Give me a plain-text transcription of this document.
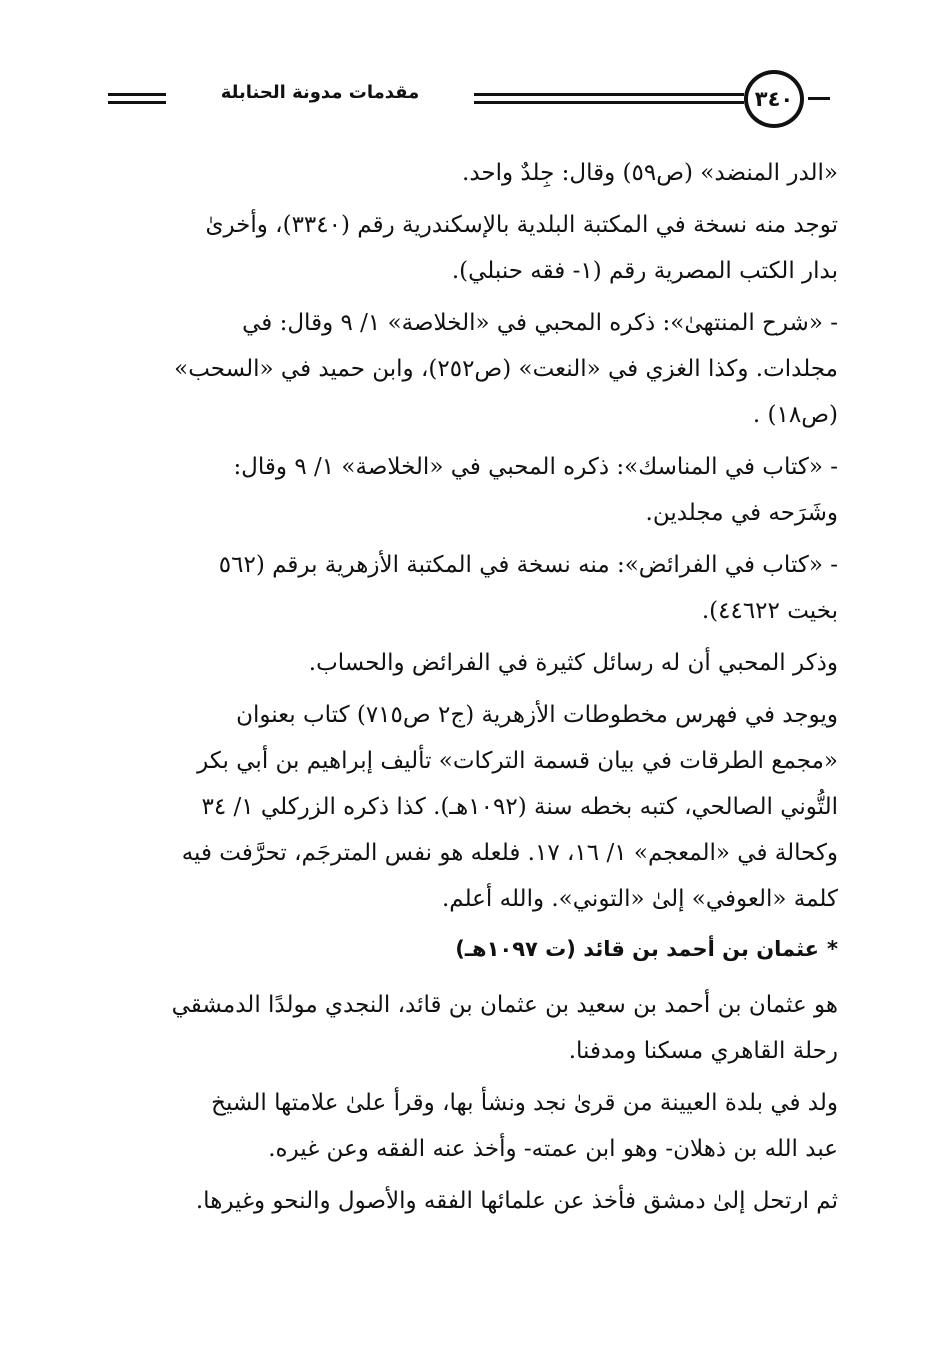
مقدمات مدونة الحنابلة	٣٤٠
«الدر المنضد» (ص٥٩) وقال: جِلدٌ واحد.
توجد منه نسخة في المكتبة البلدية بالإسكندرية رقم (٣٣٤٠)، وأخرىٰ
بدار الكتب المصرية رقم (١- فقه حنبلي).
- «شرح المنتهىٰ»: ذكره المحبي في «الخلاصة» ١/ ٩ وقال: في
مجلدات. وكذا الغزي في «النعت» (ص٢٥٢)، وابن حميد في «السحب»
(ص١٨) .
- «كتاب في المناسك»: ذكره المحبي في «الخلاصة» ١/ ٩ وقال:
وشَرَحه في مجلدين.
- «كتاب في الفرائض»: منه نسخة في المكتبة الأزهرية برقم (٥٦٢
بخيت ٤٤٦٢٢).
وذكر المحبي أن له رسائل كثيرة في الفرائض والحساب.
ويوجد في فهرس مخطوطات الأزهرية (ج٢ ص٧١٥) كتاب بعنوان
«مجمع الطرقات في بيان قسمة التركات» تأليف إبراهيم بن أبي بكر
التُّوني الصالحي، كتبه بخطه سنة (١٠٩٢هـ). كذا ذكره الزركلي ١/ ٣٤
وكحالة في «المعجم» ١/ ١٦، ١٧. فلعله هو نفس المترجَم، تحرَّفت فيه
كلمة «العوفي» إلىٰ «التوني». والله أعلم.
*عثمان بن أحمد بن قائد (ت ١٠٩٧هـ)
هو عثمان بن أحمد بن سعيد بن عثمان بن قائد، النجدي مولدًا الدمشقي
رحلة القاهري مسكنا ومدفنا.
ولد في بلدة العيينة من قرىٰ نجد ونشأ بها، وقرأ علىٰ علامتها الشيخ
عبد الله بن ذهلان- وهو ابن عمته- وأخذ عنه الفقه وعن غيره.
ثم ارتحل إلىٰ دمشق فأخذ عن علمائها الفقه والأصول والنحو وغيرها.
